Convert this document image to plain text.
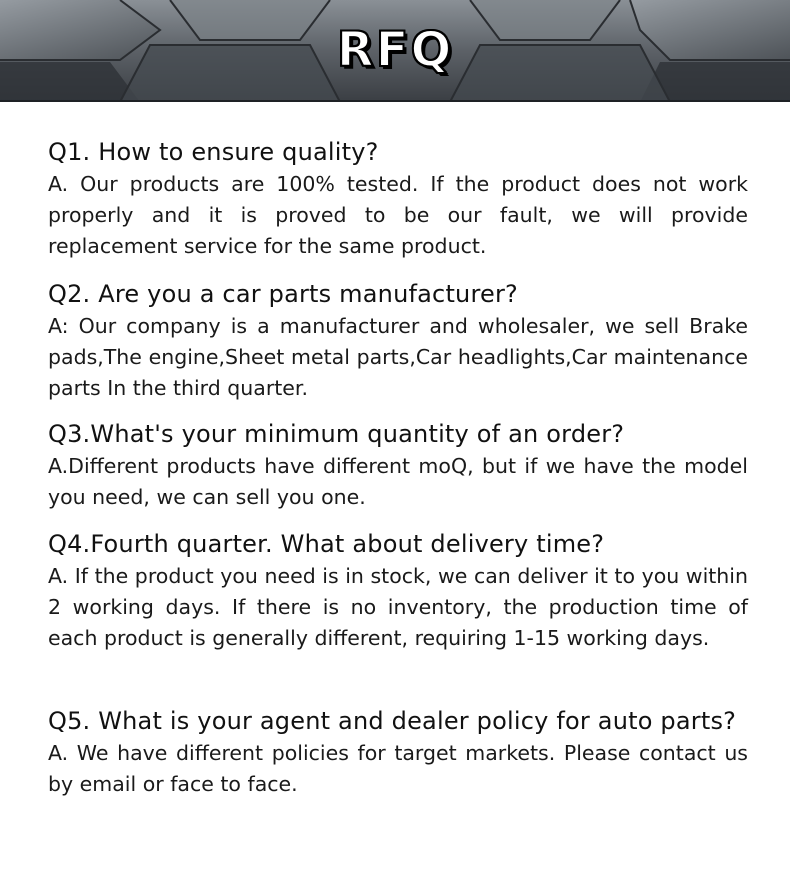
RFQ
Q1. How to ensure quality?
A. Our products are 100% tested. If the product does not work properly and it is proved to be our fault, we will provide replacement service for the same product.
Q2. Are you a car parts manufacturer?
A: Our company is a manufacturer and wholesaler, we sell Brake pads,The engine,Sheet metal parts,Car headlights,Car maintenance parts In the third quarter.
Q3.What's your minimum quantity of an order?
A.Different products have different moQ, but if we have the model you need, we can sell you one.
Q4.Fourth quarter. What about delivery time?
A. If the product you need is in stock, we can deliver it to you within 2 working days. If there is no inventory, the production time of each product is generally different, requiring 1-15 working days.
Q5. What is your agent and dealer policy for auto parts?
A. We have different policies for target markets. Please contact us by email or face to face.
